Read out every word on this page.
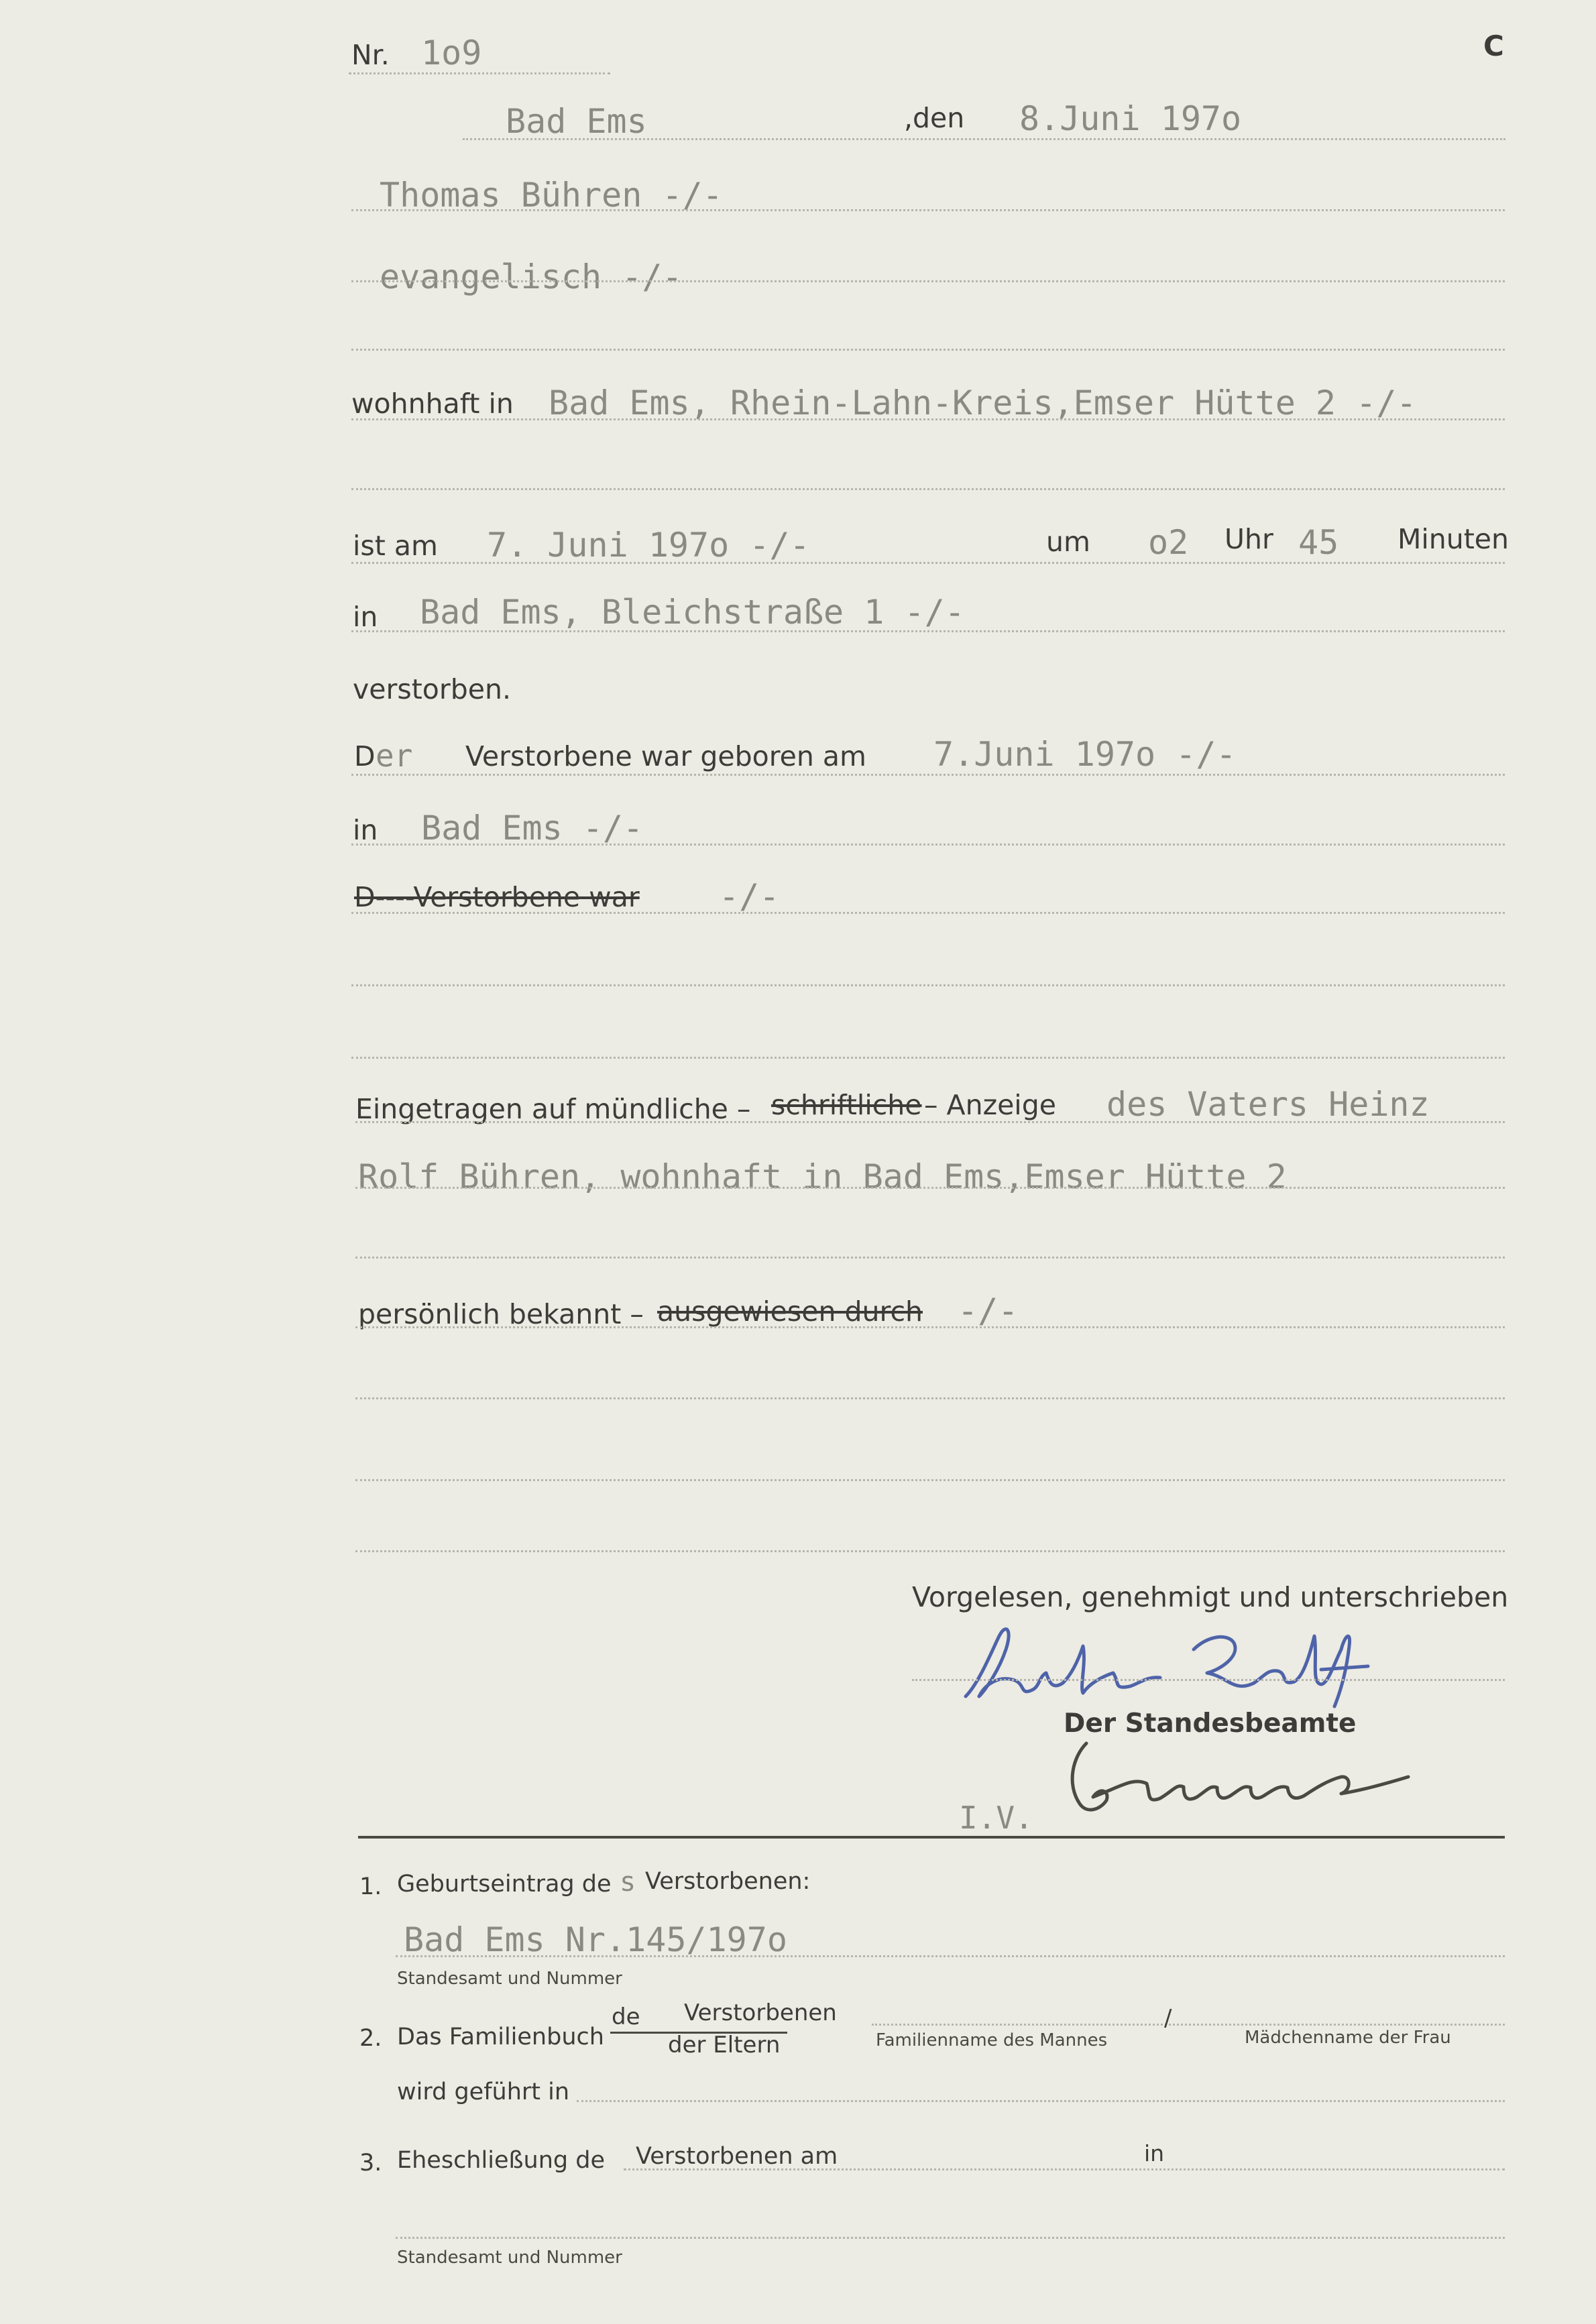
Nr. 1o9	C
Bad Ems	,den 8.Juni 197o
Thomas Bühren -/-
evangelisch -/-
wohnhaft in Bad Ems, Rhein-Lahn-Kreis,Emser Hütte 2 -/-
ist am 7. Juni 197o -/-	um o2 Uhr 45 Minuten
in Bad Ems, Bleichstraße 1 -/-
verstorben.
D er Verstorbene war geboren am 7.Juni 197o -/-
in Bad Ems -/-
D----Verstorbene war -/-
Eingetragen auf mündliche – schriftliche – Anzeige des Vaters Heinz
Rolf Bühren, wohnhaft in Bad Ems,Emser Hütte 2
persönlich bekannt – ausgewiesen durch -/-
Vorgelesen, genehmigt und unterschrieben
Der Standesbeamte
I.V.
1. Geburtseintrag de s Verstorbenen:
Bad Ems Nr.145/197o
Standesamt und Nummer
2. Das Familienbuch
de Verstorbenen
der Eltern	Familienname des Mannes
/
Mädchenname der Frau
wird geführt in
3. Eheschließung de Verstorbenen am	in
Standesamt und Nummer
